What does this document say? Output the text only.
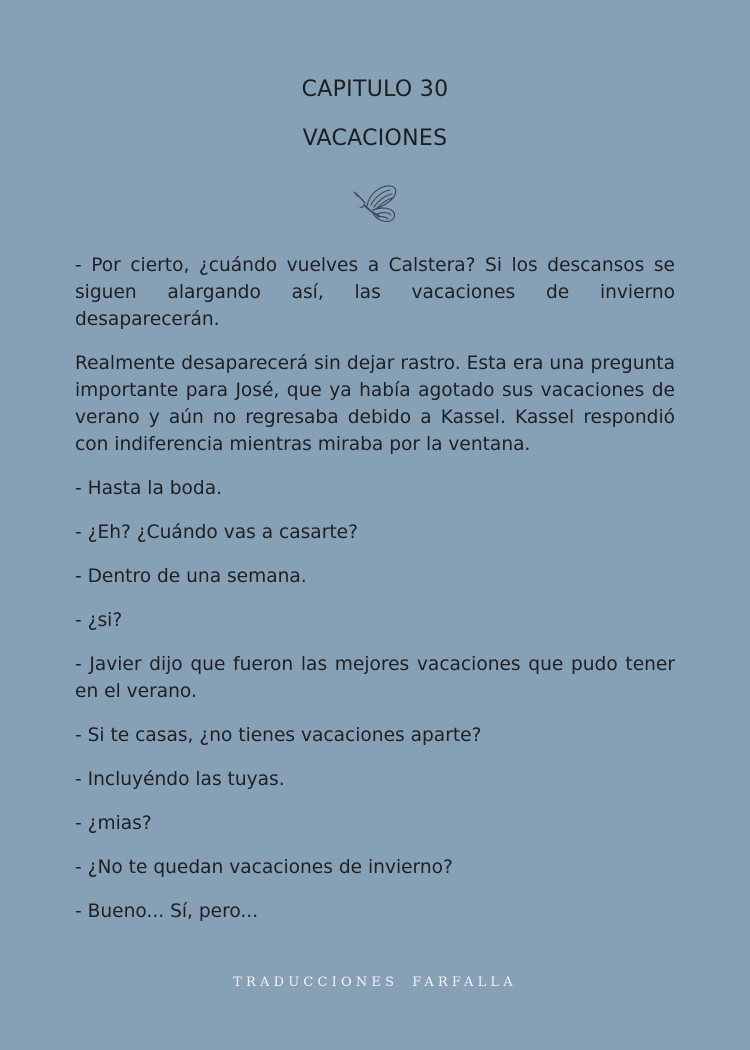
CAPITULO 30
VACACIONES

- Por cierto, ¿cuándo vuelves a Calstera? Si los descansos se siguen alargando así, las vacaciones de invierno desaparecerán.

Realmente desaparecerá sin dejar rastro. Esta era una pregunta importante para José, que ya había agotado sus vacaciones de verano y aún no regresaba debido a Kassel. Kassel respondió con indiferencia mientras miraba por la ventana.

- Hasta la boda.

- ¿Eh? ¿Cuándo vas a casarte?

- Dentro de una semana.

- ¿si?

- Javier dijo que fueron las mejores vacaciones que pudo tener en el verano.

- Si te casas, ¿no tienes vacaciones aparte?

- Incluyéndo las tuyas.

- ¿mias?

- ¿No te quedan vacaciones de invierno?

- Bueno... Sí, pero...

TRADUCCIONES FARFALLA
